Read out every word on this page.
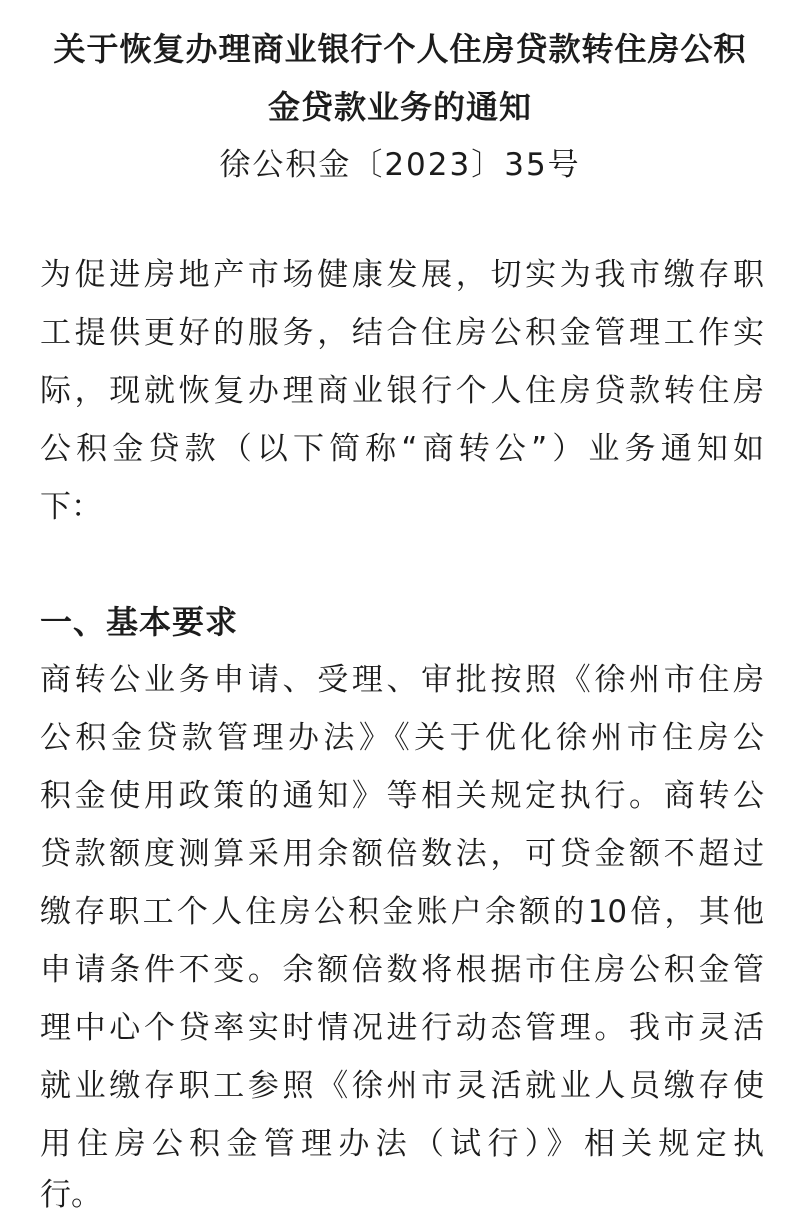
关于恢复办理商业银行个人住房贷款转住房公积
金贷款业务的通知
徐公积金〔2023〕35号
为促进房地产市场健康发展，切实为我市缴存职
工提供更好的服务，结合住房公积金管理工作实
际，现就恢复办理商业银行个人住房贷款转住房
公积金贷款（以下简称“商转公”）业务通知如
下：
一、基本要求
商转公业务申请、受理、审批按照《徐州市住房
公积金贷款管理办法》《关于优化徐州市住房公
积金使用政策的通知》等相关规定执行。商转公
贷款额度测算采用余额倍数法，可贷金额不超过
缴存职工个人住房公积金账户余额的10倍，其他
申请条件不变。余额倍数将根据市住房公积金管
理中心个贷率实时情况进行动态管理。我市灵活
就业缴存职工参照《徐州市灵活就业人员缴存使
用住房公积金管理办法（试行）》相关规定执
行。
